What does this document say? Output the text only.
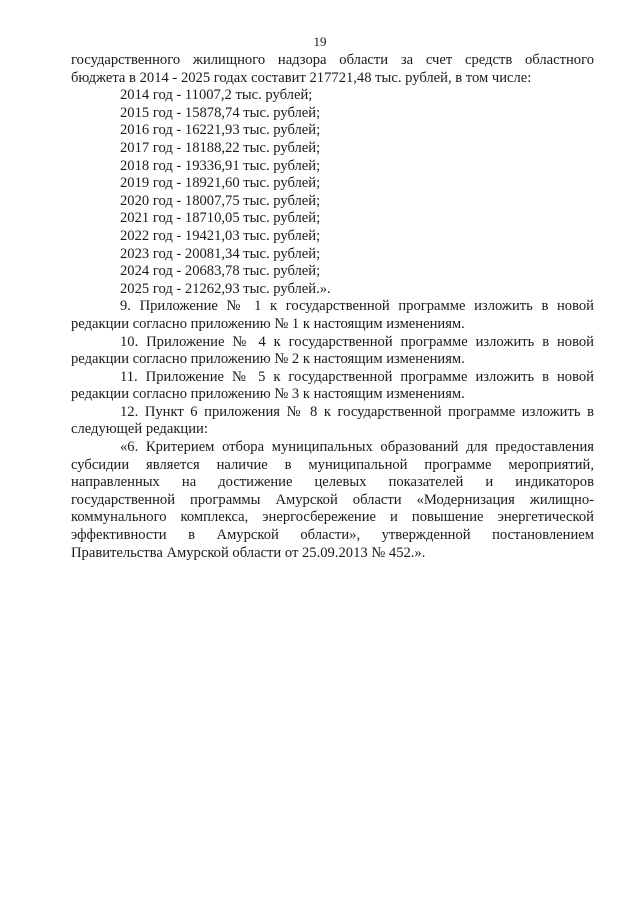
19
государственного жилищного надзора области за счет средств областного
бюджета в 2014 - 2025 годах составит 217721,48 тыс. рублей, в том числе:
2014 год - 11007,2 тыс. рублей;
2015 год - 15878,74 тыс. рублей;
2016 год - 16221,93 тыс. рублей;
2017 год - 18188,22 тыс. рублей;
2018 год - 19336,91 тыс. рублей;
2019 год - 18921,60 тыс. рублей;
2020 год - 18007,75 тыс. рублей;
2021 год - 18710,05 тыс. рублей;
2022 год - 19421,03 тыс. рублей;
2023 год - 20081,34 тыс. рублей;
2024 год - 20683,78 тыс. рублей;
2025 год - 21262,93 тыс. рублей.».
9. Приложение № 1 к государственной программе изложить в новой
редакции согласно приложению № 1 к настоящим изменениям.
10. Приложение № 4 к государственной программе изложить в новой
редакции согласно приложению № 2 к настоящим изменениям.
11. Приложение № 5 к государственной программе изложить в новой
редакции согласно приложению № 3 к настоящим изменениям.
12. Пункт 6 приложения № 8 к государственной программе изложить в
следующей редакции:
«6. Критерием отбора муниципальных образований для предоставления
субсидии является наличие в муниципальной программе мероприятий,
направленных на достижение целевых показателей и индикаторов
государственной программы Амурской области «Модернизация жилищно-
коммунального комплекса, энергосбережение и повышение энергетической
эффективности в Амурской области», утвержденной постановлением
Правительства Амурской области от 25.09.2013 № 452.».
